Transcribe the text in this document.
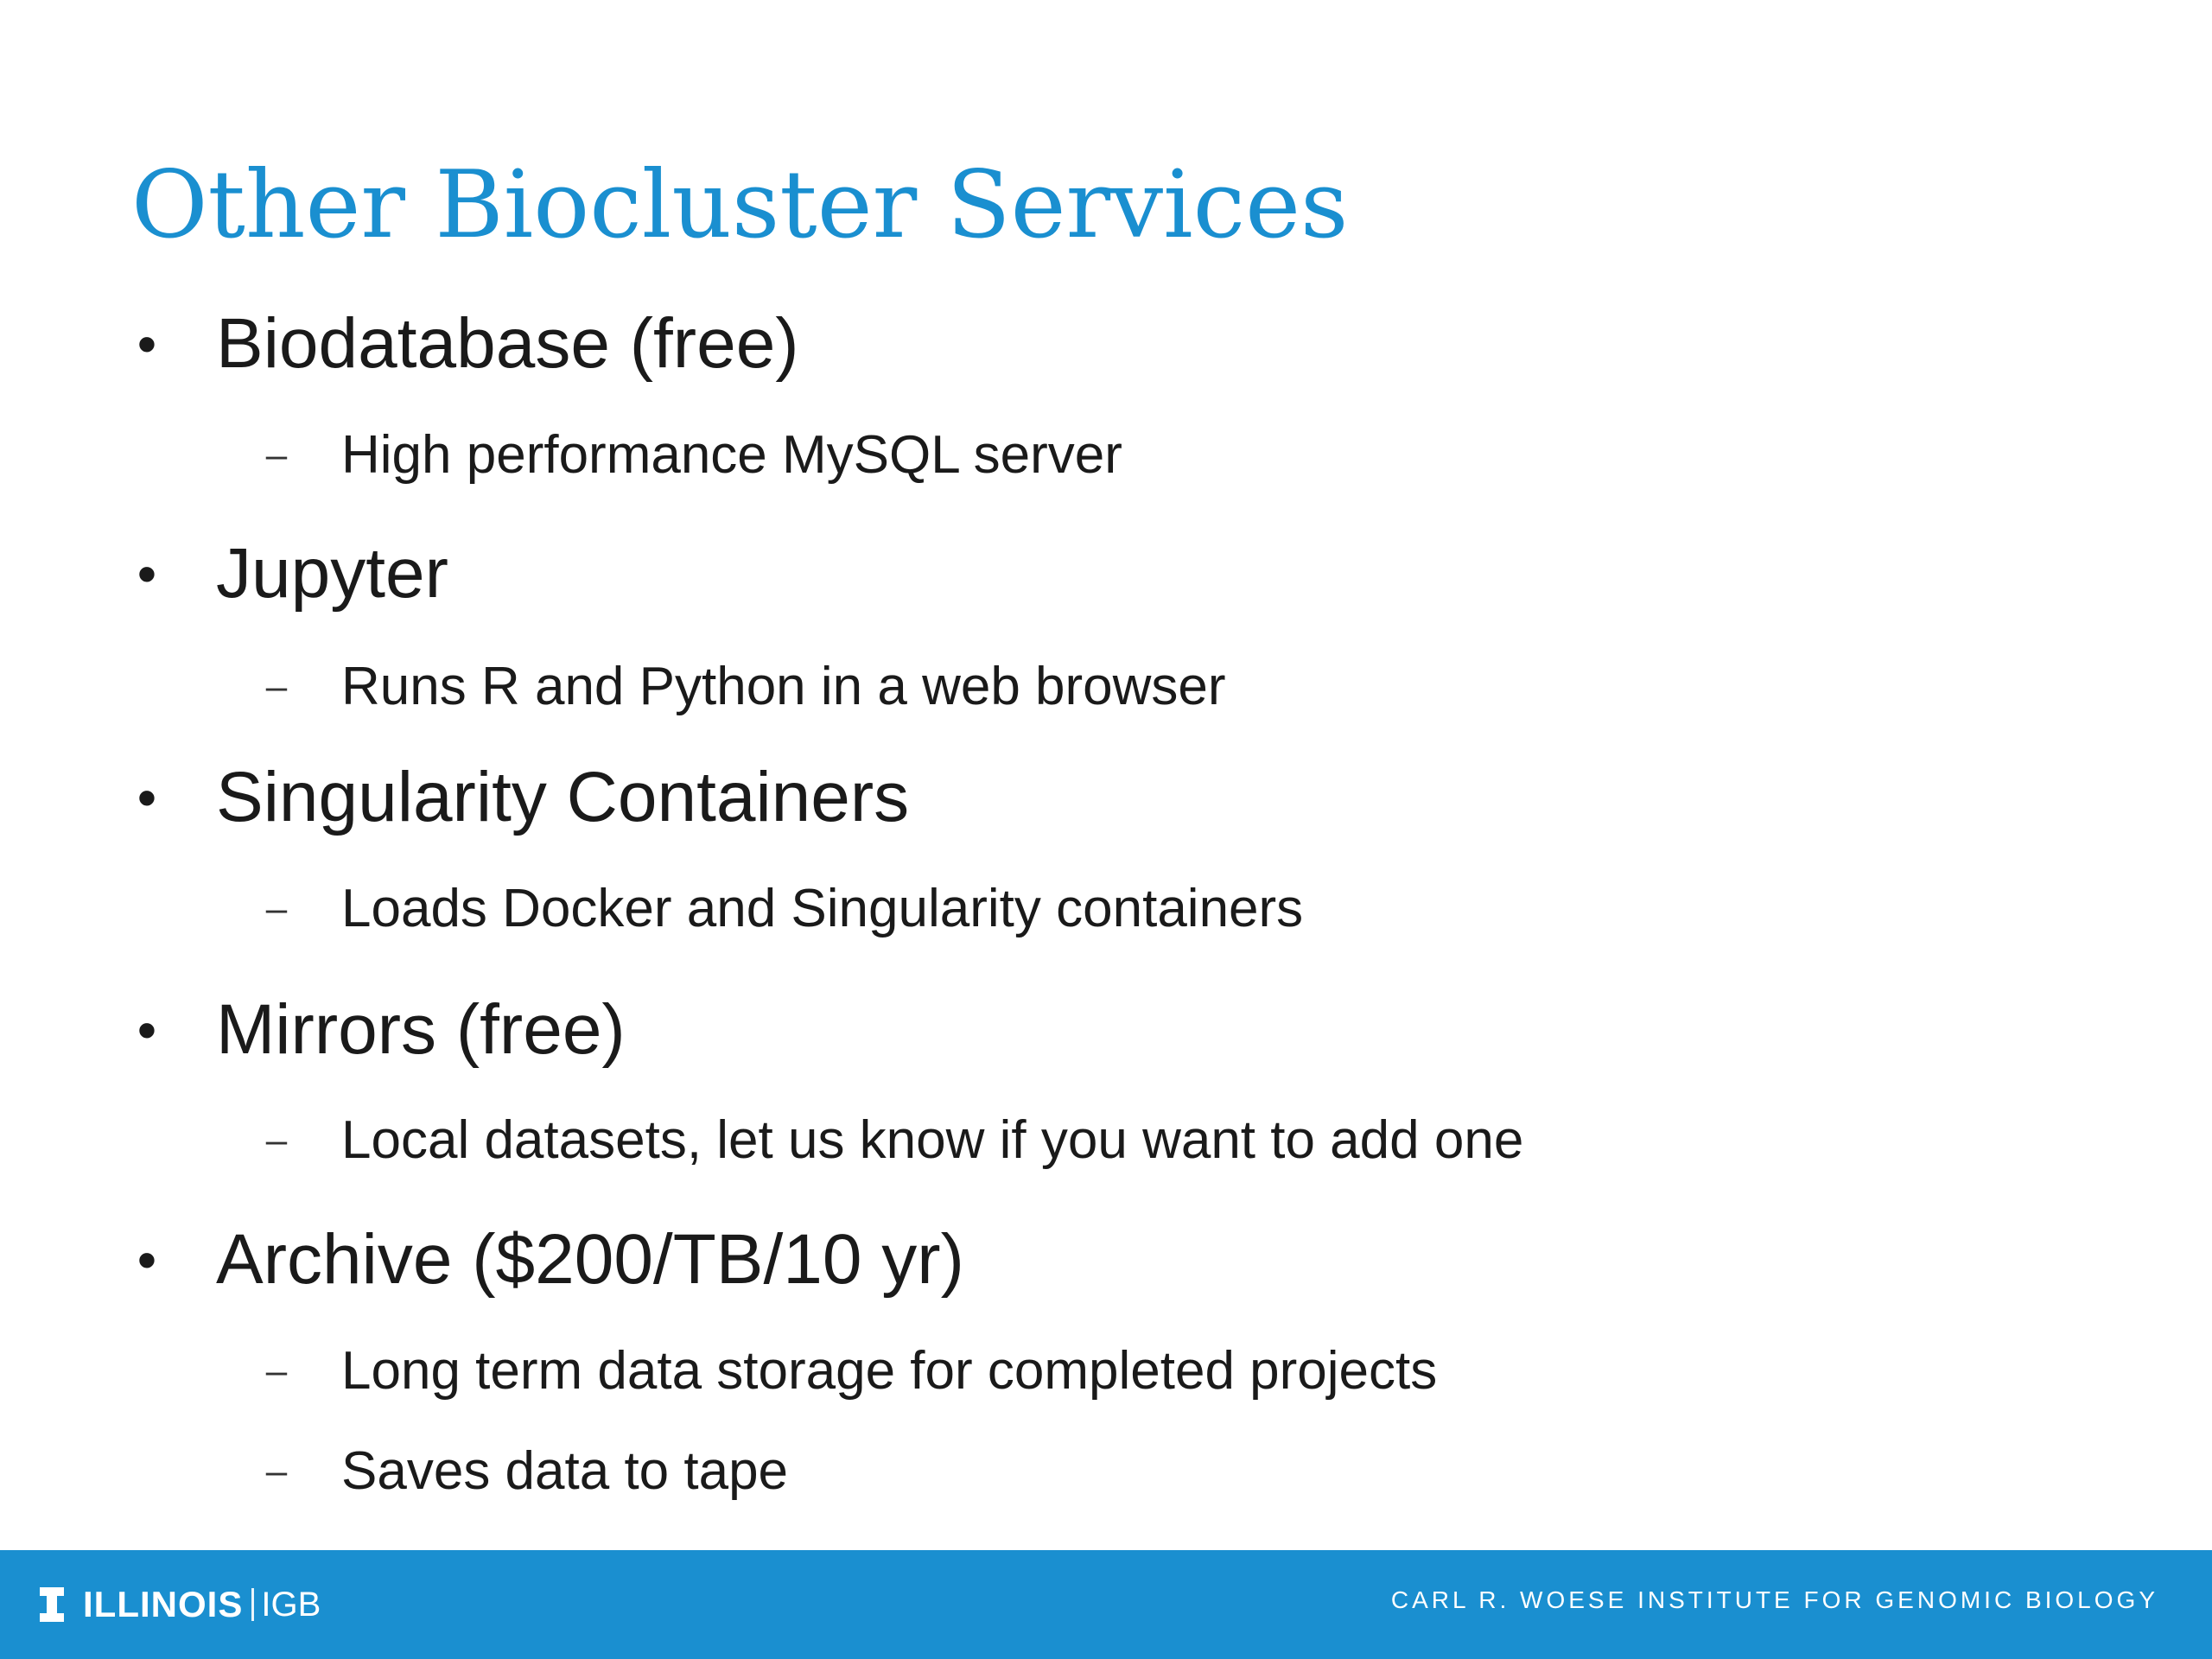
Other Biocluster Services
• Biodatabase (free)
– High performance MySQL server
• Jupyter
– Runs R and Python in a web browser
• Singularity Containers
– Loads Docker and Singularity containers
• Mirrors (free)
– Local datasets, let us know if you want to add one
• Archive ($200/TB/10 yr)
– Long term data storage for completed projects
– Saves data to tape
ILLINOIS IGB	CARL R. WOESE INSTITUTE FOR GENOMIC BIOLOGY
